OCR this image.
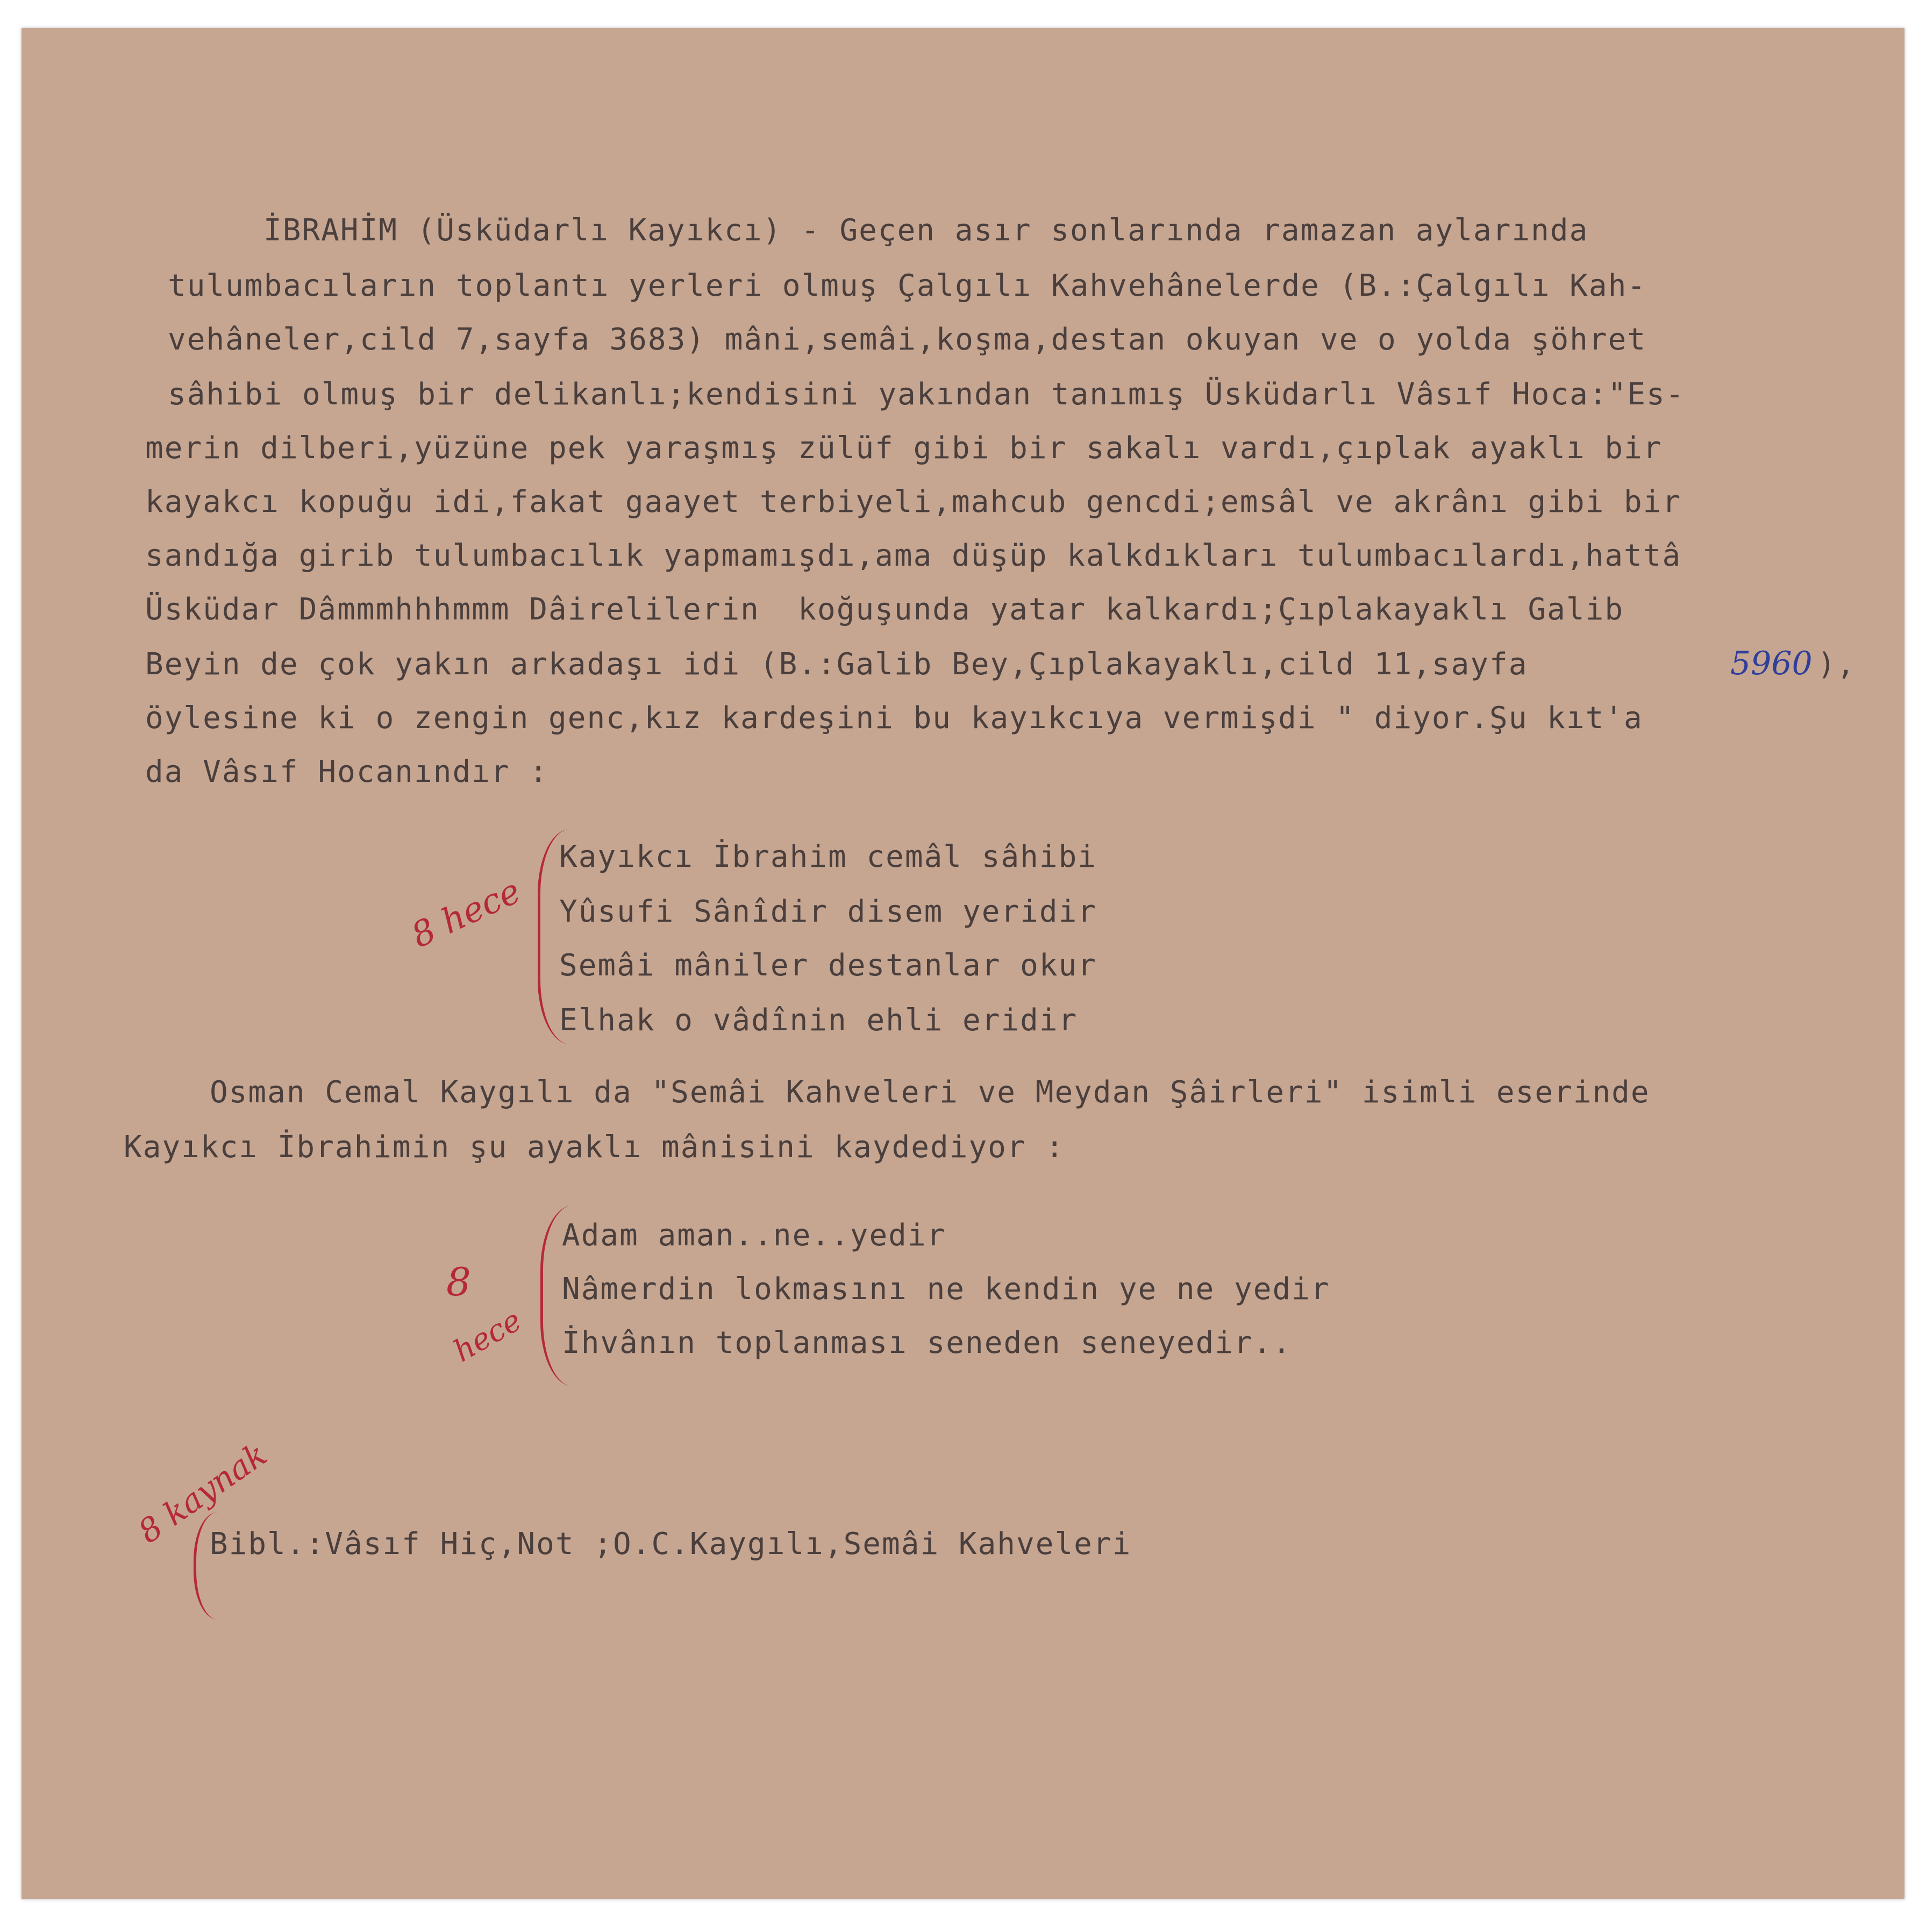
İBRAHİM (Üsküdarlı Kayıkcı) - Geçen asır sonlarında ramazan aylarında

tulumbacıların toplantı yerleri olmuş Çalgılı Kahvehânelerde (B.:Çalgılı Kah-

vehâneler,cild 7,sayfa 3683) mâni,semâi,koşma,destan okuyan ve o yolda şöhret

sâhibi olmuş bir delikanlı;kendisini yakından tanımış Üsküdarlı Vâsıf Hoca:"Es-

merin dilberi,yüzüne pek yaraşmış zülüf gibi bir sakalı vardı,çıplak ayaklı bir

kayakcı kopuğu idi,fakat gaayet terbiyeli,mahcub gencdi;emsâl ve akrânı gibi bir

sandığa girib tulumbacılık yapmamışdı,ama düşüp kalkdıkları tulumbacılardı,hattâ

Üsküdar Dâmmmhhhmmm Dâirelilerin  koğuşunda yatar kalkardı;Çıplakayaklı Galib

Beyin de çok yakın arkadaşı idi (B.:Galib Bey,Çıplakayaklı,cild 11,sayfa	5960 ),

öylesine ki o zengin genc,kız kardeşini bu kayıkcıya vermişdi " diyor.Şu kıt'a

da Vâsıf Hocanındır :

8 hece

Kayıkcı İbrahim cemâl sâhibi

Yûsufi Sânîdir disem yeridir

Semâi mâniler destanlar okur

Elhak o vâdînin ehli eridir

Osman Cemal Kaygılı da "Semâi Kahveleri ve Meydan Şâirleri" isimli eserinde

Kayıkcı İbrahimin şu ayaklı mânisini kaydediyor :

8
hece

Adam aman..ne..yedir

Nâmerdin lokmasını ne kendin ye ne yedir

İhvânın toplanması seneden seneyedir..

8 kaynak

Bibl.:Vâsıf Hiç,Not ;O.C.Kaygılı,Semâi Kahveleri
